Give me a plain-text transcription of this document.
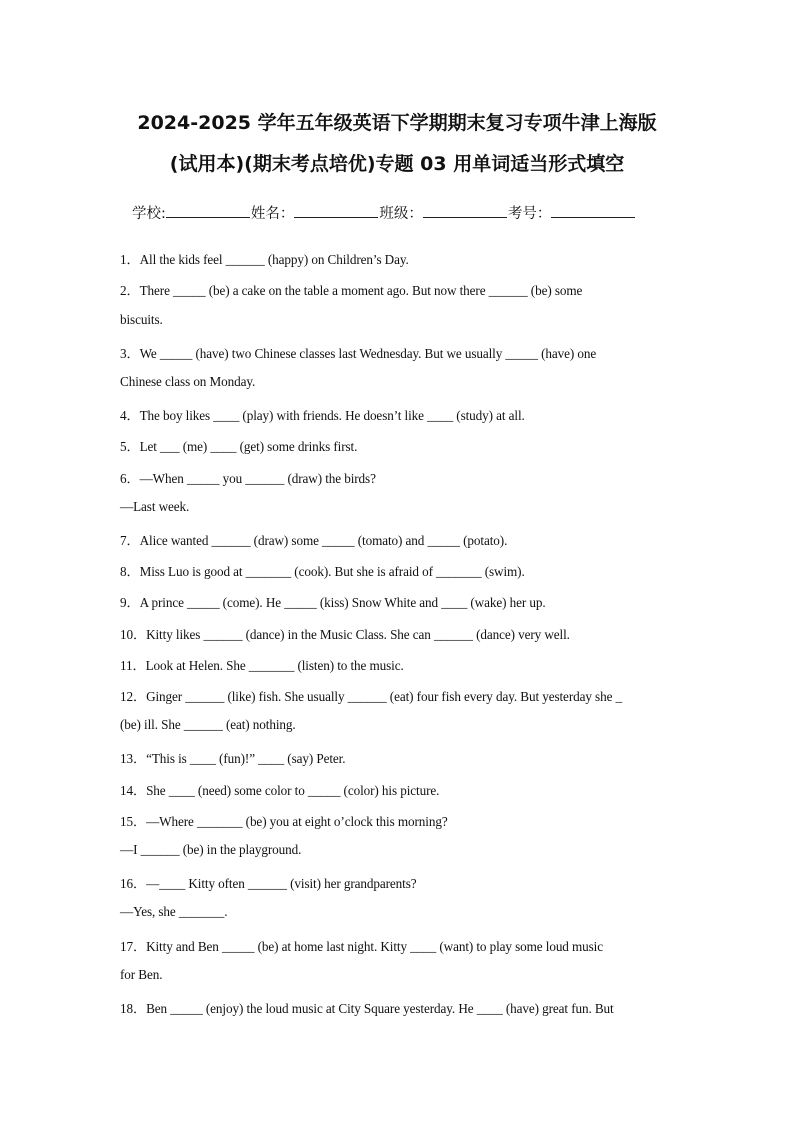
2024-2025 学年五年级英语下学期期末复习专项牛津上海版
(试用本)(期末考点培优)专题 03 用单词适当形式填空
学校:	姓名：	班级：	考号：
1．All the kids feel ______ (happy) on Children’s Day.
2．There _____ (be) a cake on the table a moment ago. But now there ______ (be) some
biscuits.
3．We _____ (have) two Chinese classes last Wednesday. But we usually _____ (have) one
Chinese class on Monday.
4．The boy likes ____ (play) with friends. He doesn’t like ____ (study) at all.
5．Let ___ (me) ____ (get) some drinks first.
6．—When _____ you ______ (draw) the birds?
—Last week.
7．Alice wanted ______ (draw) some _____ (tomato) and _____ (potato).
8．Miss Luo is good at _______ (cook). But she is afraid of _______ (swim).
9．A prince _____ (come). He _____ (kiss) Snow White and ____ (wake) her up.
10．Kitty likes ______ (dance) in the Music Class. She can ______ (dance) very well.
11．Look at Helen. She _______ (listen) to the music.
12．Ginger ______ (like) fish. She usually ______ (eat) four fish every day. But yesterday she _
(be) ill. She ______ (eat) nothing.
13．“This is ____ (fun)!” ____ (say) Peter.
14．She ____ (need) some color to _____ (color) his picture.
15．—Where _______ (be) you at eight o’clock this morning?
—I ______ (be) in the playground.
16．—____ Kitty often ______ (visit) her grandparents?
—Yes, she _______.
17．Kitty and Ben _____ (be) at home last night. Kitty ____ (want) to play some loud music
for Ben.
18．Ben _____ (enjoy) the loud music at City Square yesterday. He ____ (have) great fun. But
